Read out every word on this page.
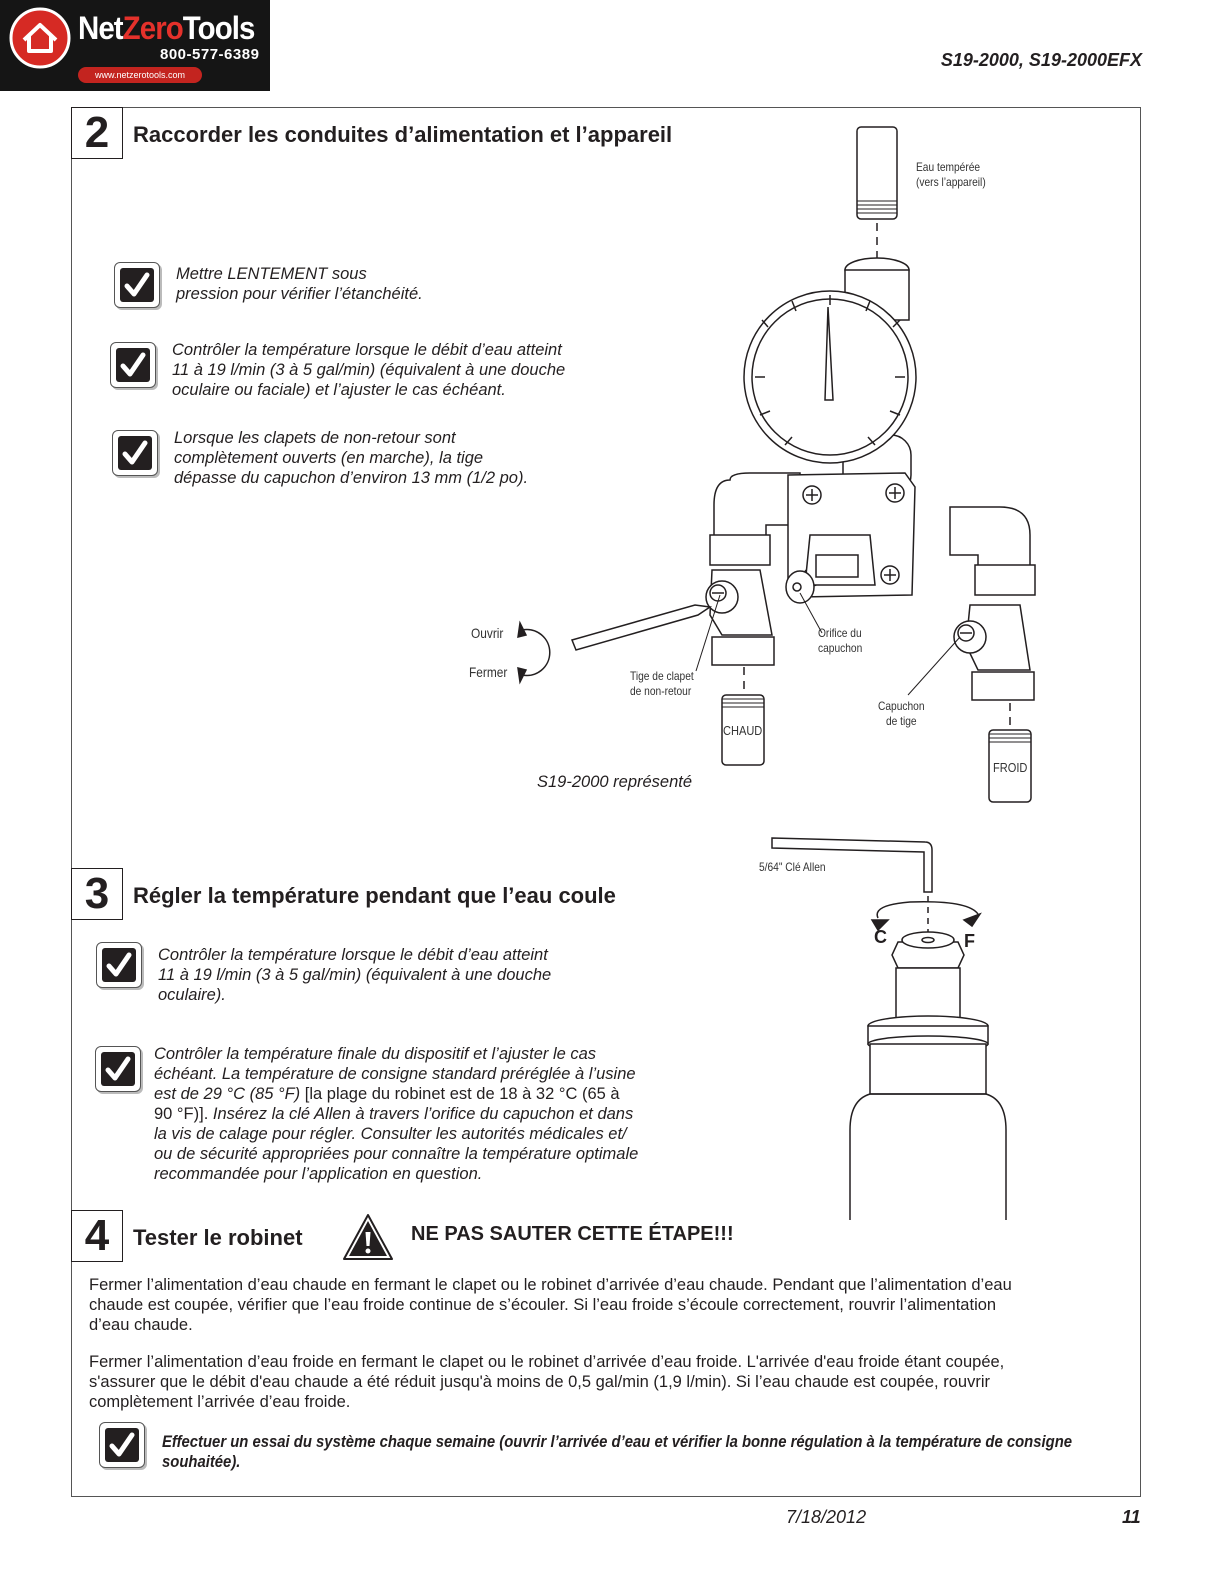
NetZeroTools
800-577-6389
www.netzerotools.com
S19-2000, S19-2000EFX
2	Raccorder les conduites d’alimentation et l’appareil
Mettre LENTEMENT sous
pression pour vérifier l’étanchéité.
Contrôler la température lorsque le débit d’eau atteint
11 à 19 l/min (3 à 5 gal/min) (équivalent à une douche
oculaire ou faciale) et l’ajuster le cas échéant.
Lorsque les clapets de non-retour sont
complètement ouverts (en marche), la tige
dépasse du capuchon d’environ 13 mm (1/2 po).
Eau tempérée
(vers l’appareil)
Ouvrir
Fermer	Tige de clapet
de non-retour
Orifice du
capuchon
Capuchon
de tige
CHAUD
FROID
S19-2000 représenté
3	Régler la température pendant que l’eau coule
Contrôler la température lorsque le débit d’eau atteint
11 à 19 l/min (3 à 5 gal/min) (équivalent à une douche
oculaire).
Contrôler la température finale du dispositif et l’ajuster le cas
échéant. La température de consigne standard préréglée à l’usine
est de 29 °C (85 °F) [la plage du robinet est de 18 à 32 °C (65 à
90 °F)]. Insérez la clé Allen à travers l’orifice du capuchon et dans
la vis de calage pour régler. Consulter les autorités médicales et/
ou de sécurité appropriées pour connaître la température optimale
recommandée pour l’application en question.
5/64" Clé Allen
C	F
4	Tester le robinet	NE PAS SAUTER CETTE ÉTAPE!!!
Fermer l’alimentation d’eau chaude en fermant le clapet ou le robinet d’arrivée d’eau chaude. Pendant que l’alimentation d’eau
chaude est coupée, vérifier que l’eau froide continue de s’écouler. Si l’eau froide s’écoule correctement, rouvrir l’alimentation
d’eau chaude.
Fermer l’alimentation d’eau froide en fermant le clapet ou le robinet d’arrivée d’eau froide. L'arrivée d'eau froide étant coupée,
s'assurer que le débit d'eau chaude a été réduit jusqu'à moins de 0,5 gal/min (1,9 l/min). Si l’eau chaude est coupée, rouvrir
complètement l’arrivée d’eau froide.
Effectuer un essai du système chaque semaine (ouvrir l’arrivée d’eau et vérifier la bonne régulation à la température de consigne
souhaitée).
7/18/2012	11
